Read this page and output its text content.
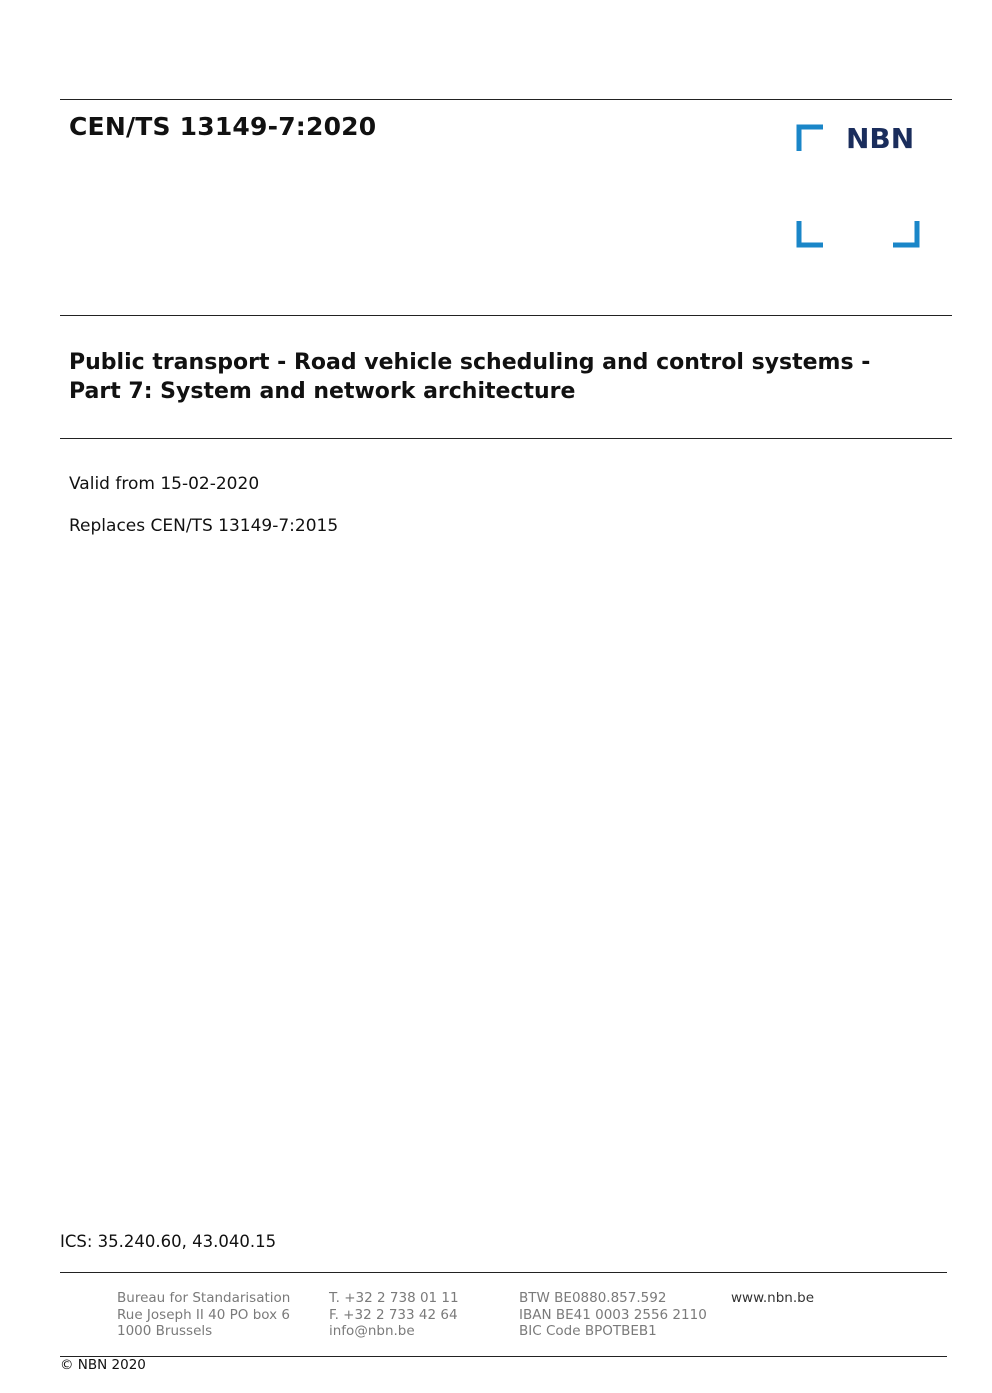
CEN/TS 13149-7:2020	NBN
Public transport - Road vehicle scheduling and control systems -
Part 7: System and network architecture

Valid from 15-02-2020

Replaces CEN/TS 13149-7:2015

ICS: 35.240.60, 43.040.15

Bureau for Standarisation
Rue Joseph II 40 PO box 6
1000 Brussels
T. +32 2 738 01 11
F. +32 2 733 42 64
info@nbn.be
BTW BE0880.857.592
IBAN BE41 0003 2556 2110
BIC Code BPOTBEB1
www.nbn.be

© NBN 2020
